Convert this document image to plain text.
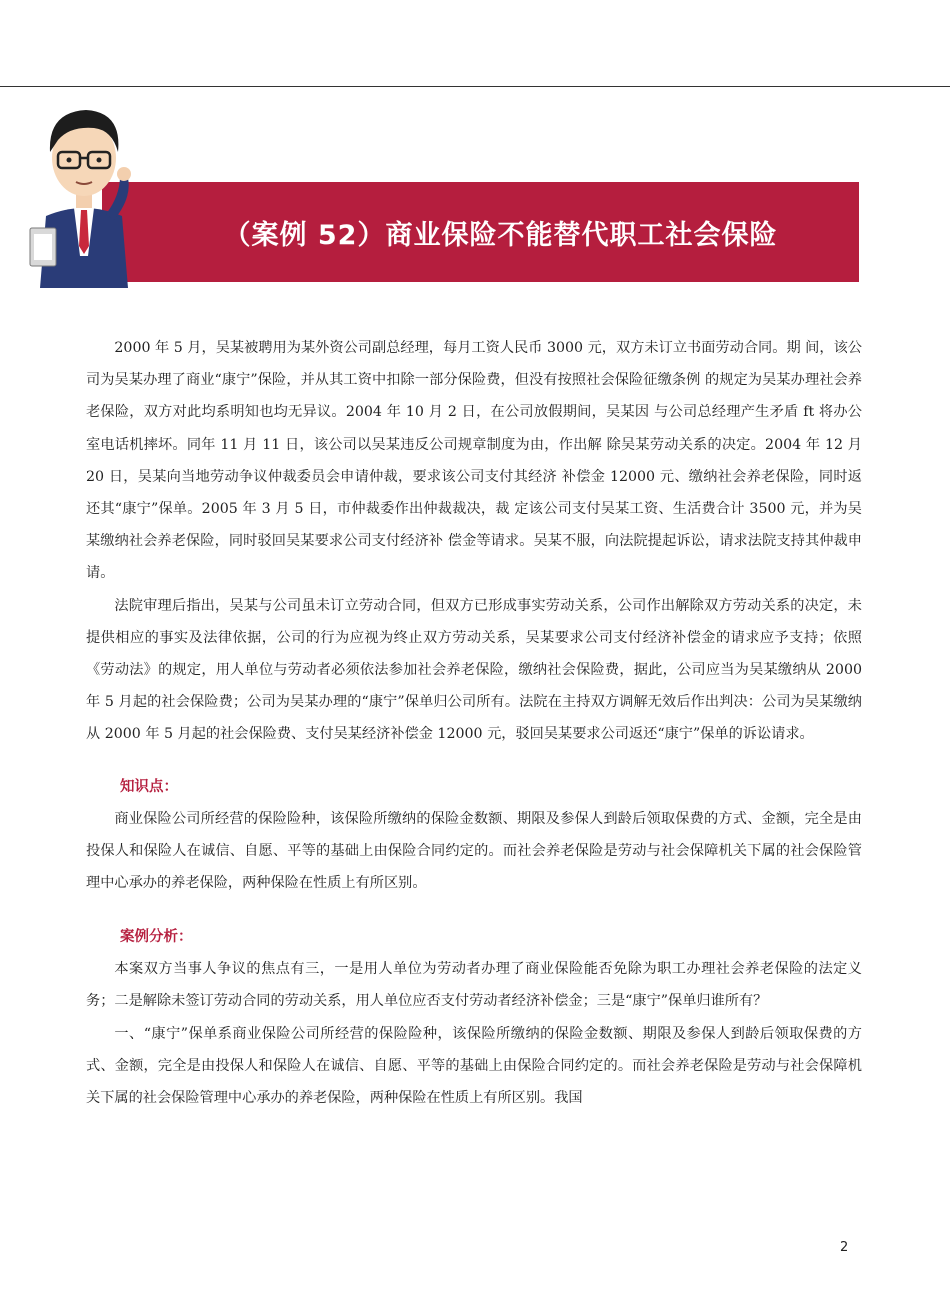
（案例 52）商业保险不能替代职工社会保险

2000 年 5 月，吴某被聘用为某外资公司副总经理，每月工资人民币 3000 元，双方未订立书面劳动合同。期 间，该公司为吴某办理了商业“康宁”保险，并从其工资中扣除一部分保险费，但没有按照社会保险征缴条例 的规定为吴某办理社会养老保险，双方对此均系明知也均无异议。2004 年 10 月 2 日，在公司放假期间，吴某因 与公司总经理产生矛盾 ft 将办公室电话机摔坏。同年 11 月 11 日，该公司以吴某违反公司规章制度为由，作出解 除吴某劳动关系的决定。2004 年 12 月 20 日，吴某向当地劳动争议仲裁委员会申请仲裁，要求该公司支付其经济 补偿金 12000 元、缴纳社会养老保险，同时返还其“康宁”保单。2005 年 3 月 5 日，市仲裁委作出仲裁裁决，裁 定该公司支付吴某工资、生活费合计 3500 元，并为吴某缴纳社会养老保险，同时驳回吴某要求公司支付经济补 偿金等请求。吴某不服，向法院提起诉讼，请求法院支持其仲裁申请。

法院审理后指出，吴某与公司虽未订立劳动合同，但双方已形成事实劳动关系，公司作出解除双方劳动关系的决定，未提供相应的事实及法律依据，公司的行为应视为终止双方劳动关系，吴某要求公司支付经济补偿金的请求应予支持；依照《劳动法》的规定，用人单位与劳动者必须依法参加社会养老保险，缴纳社会保险费，据此，公司应当为吴某缴纳从 2000 年 5 月起的社会保险费；公司为吴某办理的“康宁”保单归公司所有。法院在主持双方调解无效后作出判决：公司为吴某缴纳从 2000 年 5 月起的社会保险费、支付吴某经济补偿金 12000 元，驳回吴某要求公司返还“康宁”保单的诉讼请求。

知识点：

商业保险公司所经营的保险险种，该保险所缴纳的保险金数额、期限及参保人到龄后领取保费的方式、金额，完全是由投保人和保险人在诚信、自愿、平等的基础上由保险合同约定的。而社会养老保险是劳动与社会保障机关下属的社会保险管理中心承办的养老保险，两种保险在性质上有所区别。

案例分析：

本案双方当事人争议的焦点有三，一是用人单位为劳动者办理了商业保险能否免除为职工办理社会养老保险的法定义务；二是解除未签订劳动合同的劳动关系，用人单位应否支付劳动者经济补偿金；三是“康宁”保单归谁所有？

一、“康宁”保单系商业保险公司所经营的保险险种，该保险所缴纳的保险金数额、期限及参保人到龄后领取保费的方式、金额，完全是由投保人和保险人在诚信、自愿、平等的基础上由保险合同约定的。而社会养老保险是劳动与社会保障机关下属的社会保险管理中心承办的养老保险，两种保险在性质上有所区别。我国

2
